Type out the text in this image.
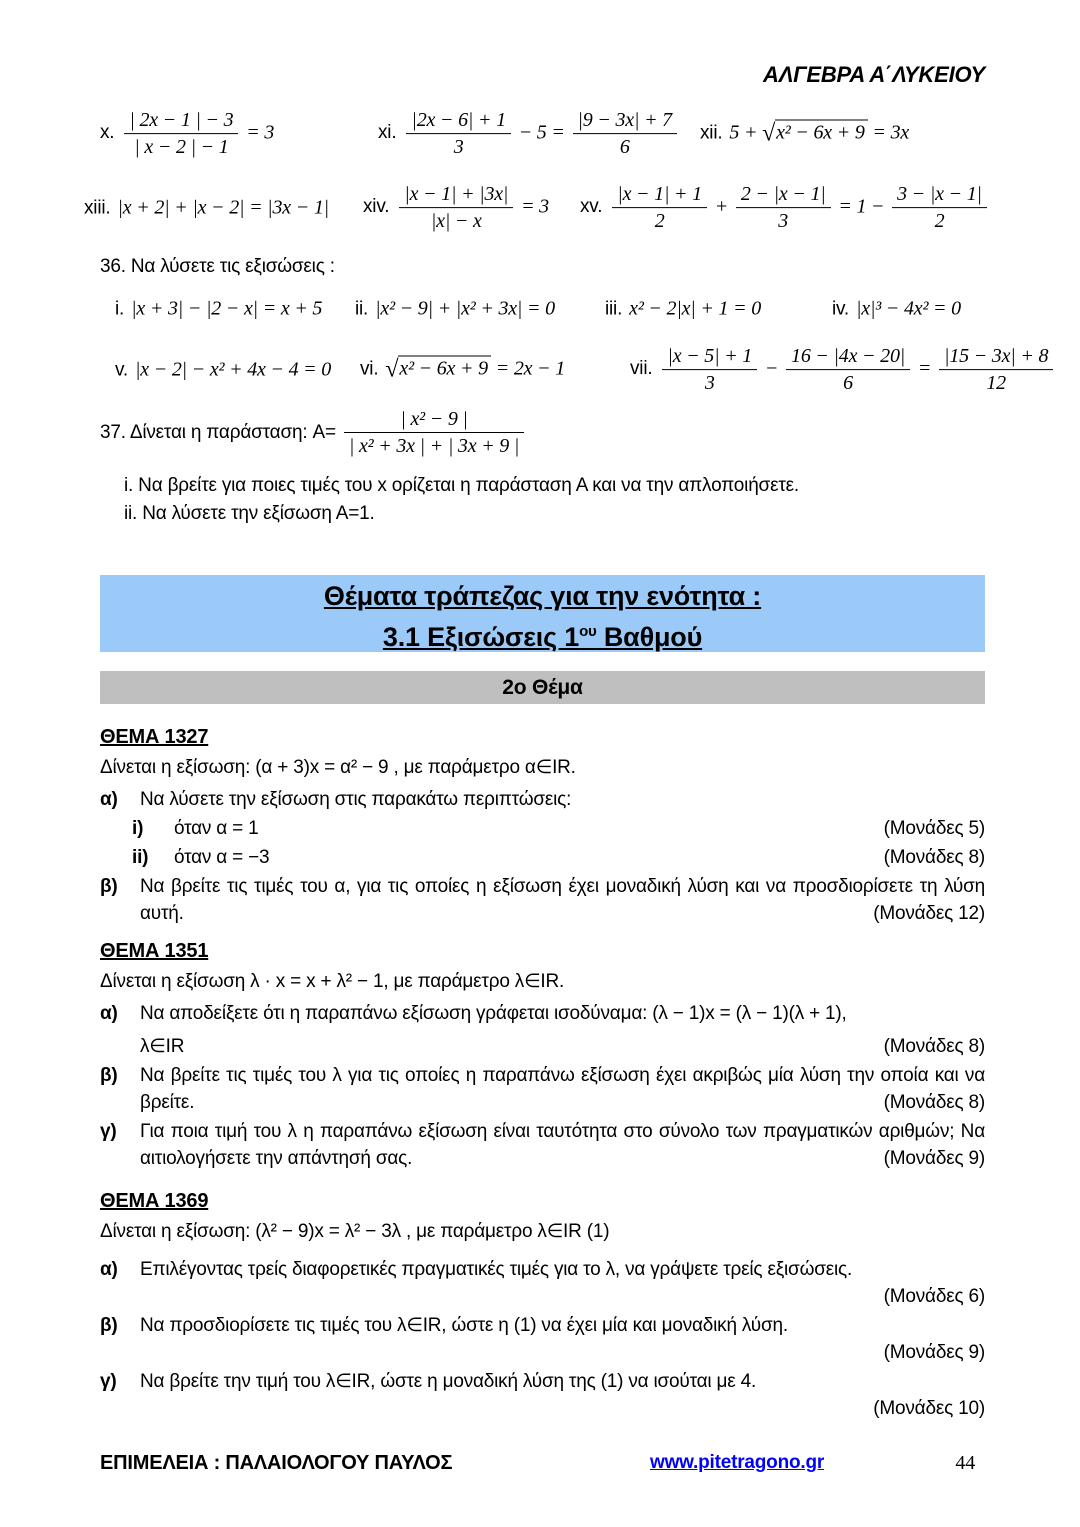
ΑΛΓΕΒΡΑ Α΄ΛΥΚΕΙΟΥ
x. $\frac{| 2x - 1 | - 3}{| x - 2 | - 1} = 3$	xi. $\frac{|2x - 6| + 1}{3} - 5 = \frac{|9 - 3x| + 7}{6}$ xii. 5 + √x² − 6x + 9 = 3x
xiii. |x + 2| + |x − 2| = |3x − 1| xiv. $\frac{|x - 1| + |3x|}{|x| - x} = 3$ xv. $\frac{|x - 1| + 1}{2} + \frac{2 - |x - 1|}{3} = 1 - \frac{3 - |x - 1|}{2}$
36. Να λύσετε τις εξισώσεις :
i. |x + 3| − |2 − x| = x + 5 ii. |x² − 9| + |x² + 3x| = 0	iii. x² − 2|x| + 1 = 0	iv. |x|³ − 4x² = 0
v. |x − 2| − x² + 4x − 4 = 0 vi. √x² − 6x + 9 = 2x − 1	vii. $\frac{|x - 5| + 1}{3} - \frac{16 - |4x - 20|}{6} = \frac{|15 - 3x| + 8}{12}$
37. Δίνεται η παράσταση: $A= \frac{\text{| x² − 9 |}}{\text{| x² + 3x | + | 3x + 9 |}}$
i. Να βρείτε για ποιες τιμές του x ορίζεται η παράσταση Α και να την απλοποιήσετε.
ii. Να λύσετε την εξίσωση Α=1.
Θέματα τράπεζας για την ενότητα :
3.1 Εξισώσεις $1^{o\upsilon}$ Βαθμού
2ο Θέμα
ΘΕΜΑ 1327
Δίνεται η εξίσωση: (α + 3)x = α² − 9 , με παράμετρο α∈IR.
α)	Να λύσετε την εξίσωση στις παρακάτω περιπτώσεις:
i)	(Μονάδες 5)
όταν α = 1
ii)	(Μονάδες 8)
όταν α = −3
β)	Να βρείτε τις τιμές του α, για τις οποίες η εξίσωση έχει μοναδική λύση και να προσδιορίσετε τη λύση αυτή.	(Μονάδες 12)
ΘΕΜΑ 1351
Δίνεται η εξίσωση λ · x = x + λ² − 1, με παράμετρο λ∈IR.
α)	Να αποδείξετε ότι η παραπάνω εξίσωση γράφεται ισοδύναμα: (λ − 1)x = (λ − 1)(λ + 1),
λ∈IR	(Μονάδες 8)
β)	Να βρείτε τις τιμές του λ για τις οποίες η παραπάνω εξίσωση έχει ακριβώς μία λύση την οποία και να βρείτε.	(Μονάδες 8)
γ)	Για ποια τιμή του λ η παραπάνω εξίσωση είναι ταυτότητα στο σύνολο των πραγματικών αριθμών; Να αιτιολογήσετε την απάντησή σας.	(Μονάδες 9)
ΘΕΜΑ 1369
Δίνεται η εξίσωση: (λ² − 9)x = λ² − 3λ , με παράμετρο λ∈IR (1)
α)	Επιλέγοντας τρείς διαφορετικές πραγματικές τιμές για το λ, να γράψετε τρείς εξισώσεις.
(Μονάδες 6)
β)	Να προσδιορίσετε τις τιμές του λ∈IR, ώστε η (1) να έχει μία και μοναδική λύση.
(Μονάδες 9)
γ)	Να βρείτε την τιμή του λ∈IR, ώστε η μοναδική λύση της (1) να ισούται με 4.
(Μονάδες 10)
ΕΠΙΜΕΛΕΙΑ : ΠΑΛΑΙΟΛΟΓΟΥ ΠΑΥΛΟΣ	www.pitetragono.gr	44
